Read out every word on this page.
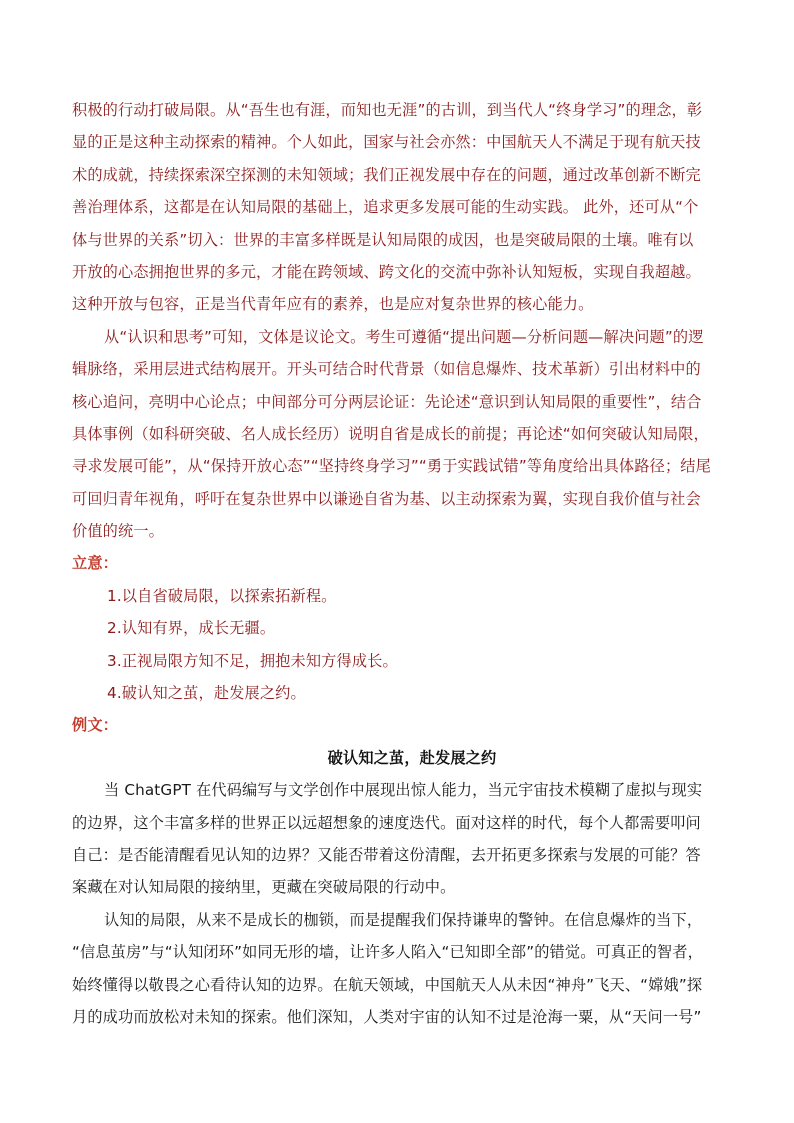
积极的行动打破局限。从“吾生也有涯，而知也无涯”的古训，到当代人“终身学习”的理念，彰
显的正是这种主动探索的精神。个人如此，国家与社会亦然：中国航天人不满足于现有航天技
术的成就，持续探索深空探测的未知领域；我们正视发展中存在的问题，通过改革创新不断完
善治理体系，这都是在认知局限的基础上，追求更多发展可能的生动实践。 此外，还可从“个
体与世界的关系”切入：世界的丰富多样既是认知局限的成因，也是突破局限的土壤。唯有以
开放的心态拥抱世界的多元，才能在跨领域、跨文化的交流中弥补认知短板，实现自我超越。
这种开放与包容，正是当代青年应有的素养，也是应对复杂世界的核心能力。
从“认识和思考”可知，文体是议论文。考生可遵循“提出问题—分析问题—解决问题”的逻
辑脉络，采用层进式结构展开。开头可结合时代背景（如信息爆炸、技术革新）引出材料中的
核心追问，亮明中心论点；中间部分可分两层论证：先论述“意识到认知局限的重要性”，结合
具体事例（如科研突破、名人成长经历）说明自省是成长的前提；再论述“如何突破认知局限，
寻求发展可能”，从“保持开放心态”“坚持终身学习”“勇于实践试错”等角度给出具体路径；结尾
可回归青年视角，呼吁在复杂世界中以谦逊自省为基、以主动探索为翼，实现自我价值与社会
价值的统一。
立意：
1.以自省破局限，以探索拓新程。
2.认知有界，成长无疆。
3.正视局限方知不足，拥抱未知方得成长。
4.破认知之茧，赴发展之约。
例文：
破认知之茧，赴发展之约
当 ChatGPT 在代码编写与文学创作中展现出惊人能力，当元宇宙技术模糊了虚拟与现实
的边界，这个丰富多样的世界正以远超想象的速度迭代。面对这样的时代，每个人都需要叩问
自己：是否能清醒看见认知的边界？又能否带着这份清醒，去开拓更多探索与发展的可能？答
案藏在对认知局限的接纳里，更藏在突破局限的行动中。
认知的局限，从来不是成长的枷锁，而是提醒我们保持谦卑的警钟。在信息爆炸的当下，
“信息茧房”与“认知闭环”如同无形的墙，让许多人陷入“已知即全部”的错觉。可真正的智者，
始终懂得以敬畏之心看待认知的边界。在航天领域，中国航天人从未因“神舟”飞天、“嫦娥”探
月的成功而放松对未知的探索。他们深知，人类对宇宙的认知不过是沧海一粟，从“天问一号”
